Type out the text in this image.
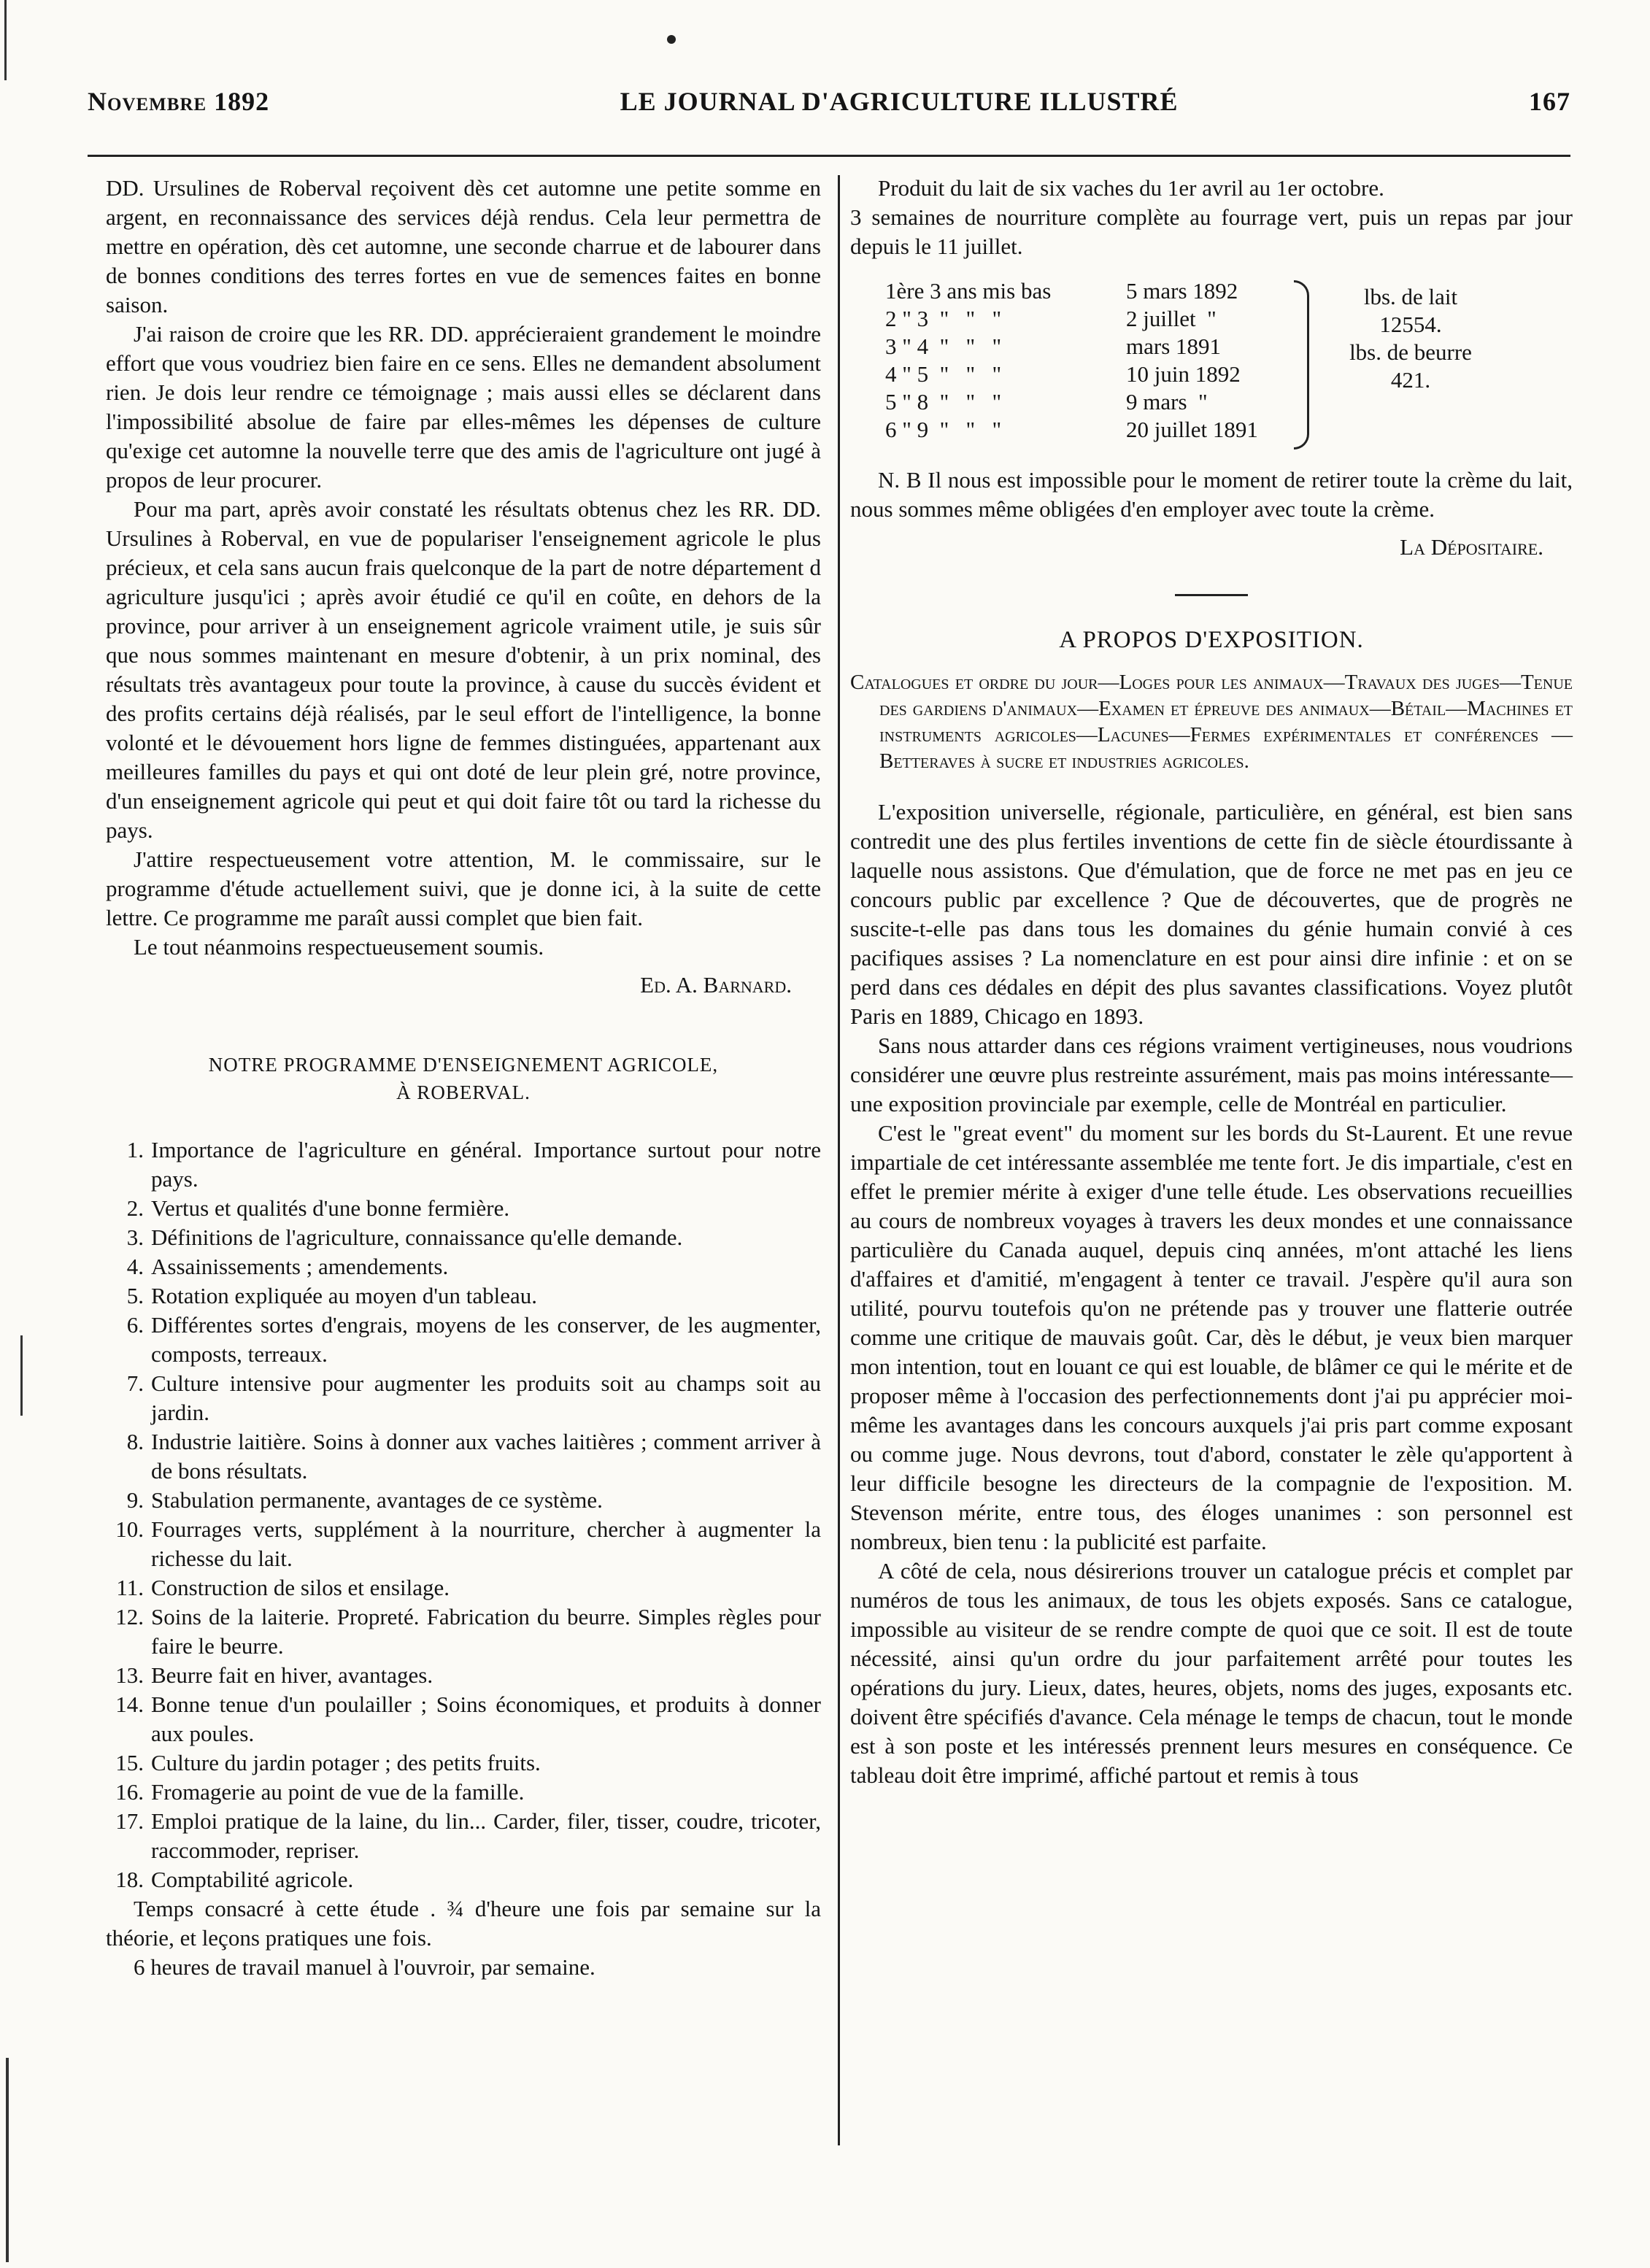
Novembre 1892	LE JOURNAL D'AGRICULTURE ILLUSTRÉ	167

DD. Ursulines de Roberval reçoivent dès cet automne une petite somme en argent, en reconnaissance des services déjà rendus. Cela leur permettra de mettre en opération, dès cet automne, une seconde charrue et de labourer dans de bonnes conditions des terres fortes en vue de semences faites en bonne saison.

J'ai raison de croire que les RR. DD. apprécieraient grandement le moindre effort que vous voudriez bien faire en ce sens. Elles ne demandent absolument rien. Je dois leur rendre ce témoignage ; mais aussi elles se déclarent dans l'impossibilité absolue de faire par elles-mêmes les dépenses de culture qu'exige cet automne la nouvelle terre que des amis de l'agriculture ont jugé à propos de leur procurer.

Pour ma part, après avoir constaté les résultats obtenus chez les RR. DD. Ursulines à Roberval, en vue de populariser l'enseignement agricole le plus précieux, et cela sans aucun frais quelconque de la part de notre département d agriculture jusqu'ici ; après avoir étudié ce qu'il en coûte, en dehors de la province, pour arriver à un enseignement agricole vraiment utile, je suis sûr que nous sommes maintenant en mesure d'obtenir, à un prix nominal, des résultats très avantageux pour toute la province, à cause du succès évident et des profits certains déjà réalisés, par le seul effort de l'intelligence, la bonne volonté et le dévouement hors ligne de femmes distinguées, appartenant aux meilleures familles du pays et qui ont doté de leur plein gré, notre province, d'un enseignement agricole qui peut et qui doit faire tôt ou tard la richesse du pays.

J'attire respectueusement votre attention, M. le commissaire, sur le programme d'étude actuellement suivi, que je donne ici, à la suite de cette lettre. Ce programme me paraît aussi complet que bien fait.

Le tout néanmoins respectueusement soumis.

Ed. A. Barnard.

NOTRE PROGRAMME D'ENSEIGNEMENT AGRICOLE,
À ROBERVAL.
1. Importance de l'agriculture en général. Importance surtout pour notre pays.
2. Vertus et qualités d'une bonne fermière.
3. Définitions de l'agriculture, connaissance qu'elle demande.
4. Assainissements ; amendements.
5. Rotation expliquée au moyen d'un tableau.
6. Différentes sortes d'engrais, moyens de les conserver, de les augmenter, composts, terreaux.
7. Culture intensive pour augmenter les produits soit au champs soit au jardin.
8. Industrie laitière. Soins à donner aux vaches laitières ; comment arriver à de bons résultats.
9. Stabulation permanente, avantages de ce système.
10. Fourrages verts, supplément à la nourriture, chercher à augmenter la richesse du lait.
11. Construction de silos et ensilage.
12. Soins de la laiterie. Propreté. Fabrication du beurre. Simples règles pour faire le beurre.
13. Beurre fait en hiver, avantages.
14. Bonne tenue d'un poulailler ; Soins économiques, et produits à donner aux poules.
15. Culture du jardin potager ; des petits fruits.
16. Fromagerie au point de vue de la famille.
17. Emploi pratique de la laine, du lin... Carder, filer, tisser, coudre, tricoter, raccommoder, repriser.
18. Comptabilité agricole.

Temps consacré à cette étude . ¾ d'heure une fois par semaine sur la théorie, et leçons pratiques une fois.

6 heures de travail manuel à l'ouvroir, par semaine.

Produit du lait de six vaches du 1er avril au 1er octobre.

3 semaines de nourriture complète au fourrage vert, puis un repas par jour depuis le 11 juillet.

1ère 3 ans mis bas	5 mars 1892
2 " 3  "   "   "	2 juillet  "
3 " 4  "   "   "	mars 1891
4 " 5  "   "   "	10 juin 1892
5 " 8  "   "   "	9 mars  "
6 " 9  "   "   "	20 juillet 1891
lbs. de lait
12554.
lbs. de beurre
421.

N. B Il nous est impossible pour le moment de retirer toute la crème du lait, nous sommes même obligées d'en employer avec toute la crème.

La Dépositaire.

A PROPOS D'EXPOSITION.

Catalogues et ordre du jour—Loges pour les animaux—Travaux des juges—Tenue des gardiens d'animaux—Examen et épreuve des animaux—Bétail—Machines et instruments agricoles—Lacunes—Fermes expérimentales et conférences — Betteraves à sucre et industries agricoles.

L'exposition universelle, régionale, particulière, en général, est bien sans contredit une des plus fertiles inventions de cette fin de siècle étourdissante à laquelle nous assistons. Que d'émulation, que de force ne met pas en jeu ce concours public par excellence ? Que de découvertes, que de progrès ne suscite-t-elle pas dans tous les domaines du génie humain convié à ces pacifiques assises ? La nomenclature en est pour ainsi dire infinie : et on se perd dans ces dédales en dépit des plus savantes classifications. Voyez plutôt Paris en 1889, Chicago en 1893.

Sans nous attarder dans ces régions vraiment vertigineuses, nous voudrions considérer une œuvre plus restreinte assurément, mais pas moins intéressante—une exposition provinciale par exemple, celle de Montréal en particulier.

C'est le "great event" du moment sur les bords du St-Laurent. Et une revue impartiale de cet intéressante assemblée me tente fort. Je dis impartiale, c'est en effet le premier mérite à exiger d'une telle étude. Les observations recueillies au cours de nombreux voyages à travers les deux mondes et une connaissance particulière du Canada auquel, depuis cinq années, m'ont attaché les liens d'affaires et d'amitié, m'engagent à tenter ce travail. J'espère qu'il aura son utilité, pourvu toutefois qu'on ne prétende pas y trouver une flatterie outrée comme une critique de mauvais goût. Car, dès le début, je veux bien marquer mon intention, tout en louant ce qui est louable, de blâmer ce qui le mérite et de proposer même à l'occasion des perfectionnements dont j'ai pu apprécier moi-même les avantages dans les concours auxquels j'ai pris part comme exposant ou comme juge. Nous devrons, tout d'abord, constater le zèle qu'apportent à leur difficile besogne les directeurs de la compagnie de l'exposition. M. Stevenson mérite, entre tous, des éloges unanimes : son personnel est nombreux, bien tenu : la publicité est parfaite.

A côté de cela, nous désirerions trouver un catalogue précis et complet par numéros de tous les animaux, de tous les objets exposés. Sans ce catalogue, impossible au visiteur de se rendre compte de quoi que ce soit. Il est de toute nécessité, ainsi qu'un ordre du jour parfaitement arrêté pour toutes les opérations du jury. Lieux, dates, heures, objets, noms des juges, exposants etc. doivent être spécifiés d'avance. Cela ménage le temps de chacun, tout le monde est à son poste et les intéressés prennent leurs mesures en conséquence. Ce tableau doit être imprimé, affiché partout et remis à tous
